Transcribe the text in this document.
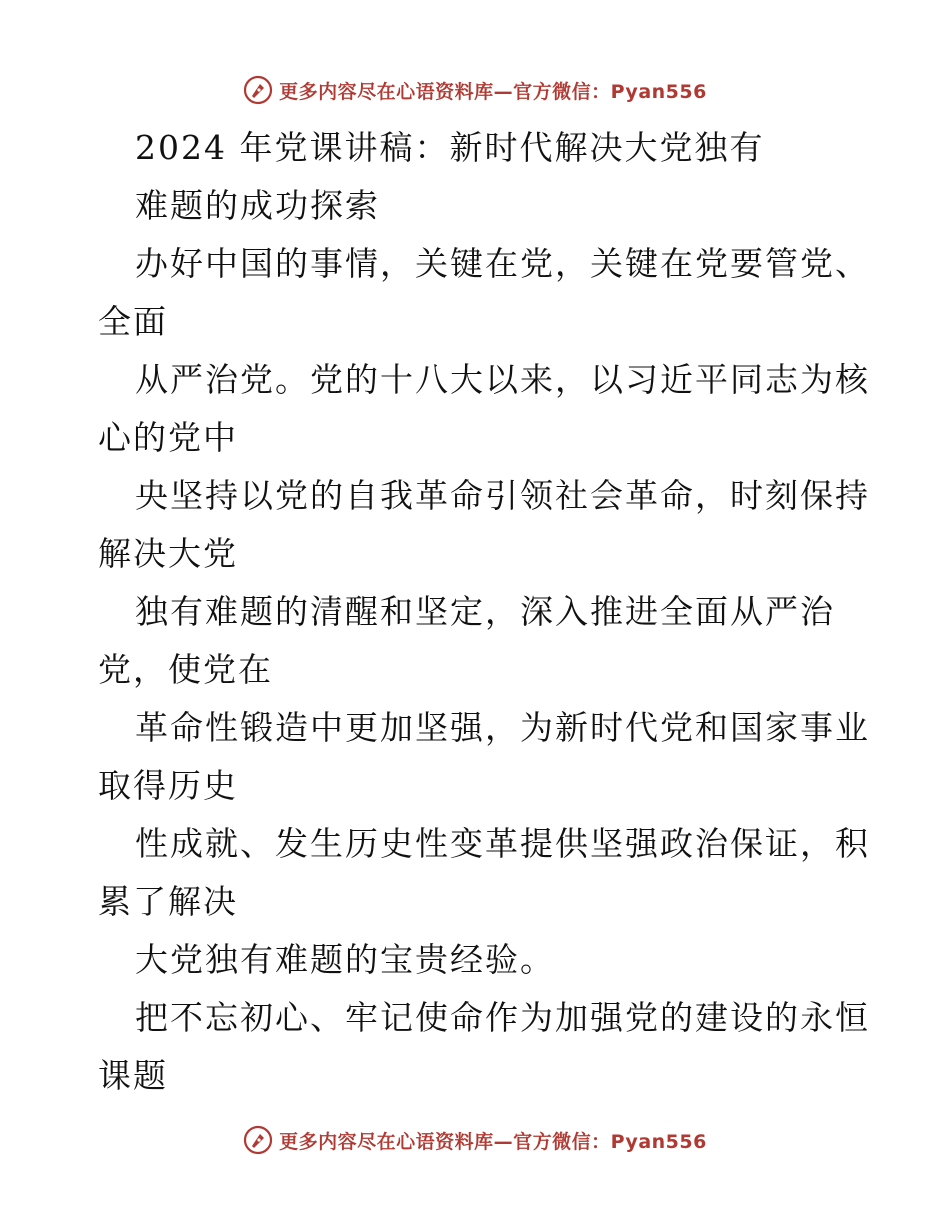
更多内容尽在心语资料库—官方微信：Pyan556
2024 年党课讲稿：新时代解决大党独有
难题的成功探索
办好中国的事情，关键在党，关键在党要管党、
全面
从严治党。党的十八大以来，以习近平同志为核
心的党中
央坚持以党的自我革命引领社会革命，时刻保持
解决大党
独有难题的清醒和坚定，深入推进全面从严治
党，使党在
革命性锻造中更加坚强，为新时代党和国家事业
取得历史
性成就、发生历史性变革提供坚强政治保证，积
累了解决
大党独有难题的宝贵经验。
把不忘初心、牢记使命作为加强党的建设的永恒
课题
更多内容尽在心语资料库—官方微信：Pyan556
